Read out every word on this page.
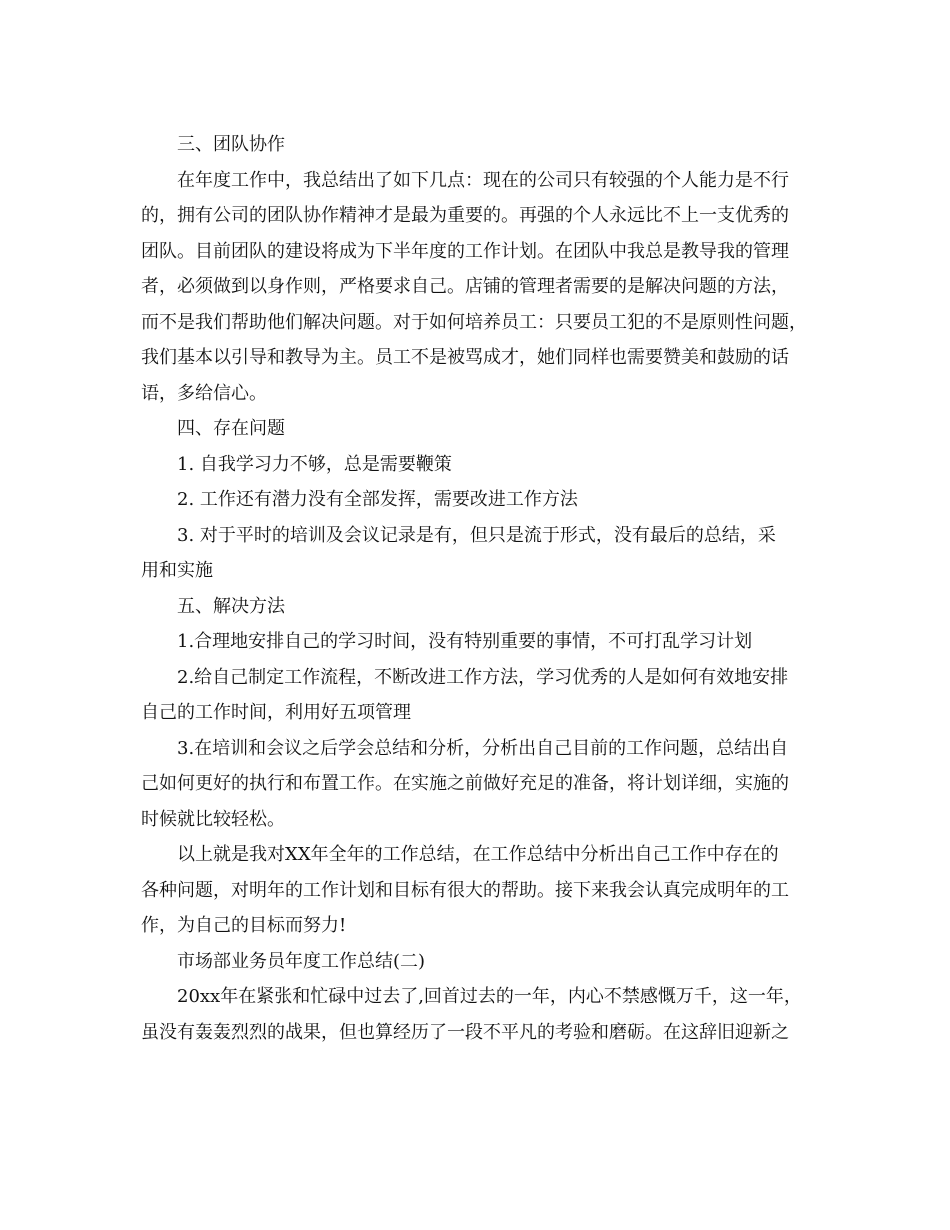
三、团队协作
在年度工作中，我总结出了如下几点：现在的公司只有较强的个人能力是不行
的，拥有公司的团队协作精神才是最为重要的。再强的个人永远比不上一支优秀的
团队。目前团队的建设将成为下半年度的工作计划。在团队中我总是教导我的管理
者，必须做到以身作则，严格要求自己。店铺的管理者需要的是解决问题的方法，
而不是我们帮助他们解决问题。对于如何培养员工：只要员工犯的不是原则性问题，
我们基本以引导和教导为主。员工不是被骂成才，她们同样也需要赞美和鼓励的话
语，多给信心。
四、存在问题
1. 自我学习力不够，总是需要鞭策
2. 工作还有潜力没有全部发挥，需要改进工作方法
3. 对于平时的培训及会议记录是有，但只是流于形式，没有最后的总结，采
用和实施
五、解决方法
1.合理地安排自己的学习时间，没有特别重要的事情，不可打乱学习计划
2.给自己制定工作流程，不断改进工作方法，学习优秀的人是如何有效地安排
自己的工作时间，利用好五项管理
3.在培训和会议之后学会总结和分析，分析出自己目前的工作问题，总结出自
己如何更好的执行和布置工作。在实施之前做好充足的准备，将计划详细，实施的
时候就比较轻松。
以上就是我对XX年全年的工作总结，在工作总结中分析出自己工作中存在的
各种问题，对明年的工作计划和目标有很大的帮助。接下来我会认真完成明年的工
作，为自己的目标而努力!
市场部业务员年度工作总结(二)
20xx年在紧张和忙碌中过去了,回首过去的一年，内心不禁感慨万千，这一年，
虽没有轰轰烈烈的战果，但也算经历了一段不平凡的考验和磨砺。在这辞旧迎新之
